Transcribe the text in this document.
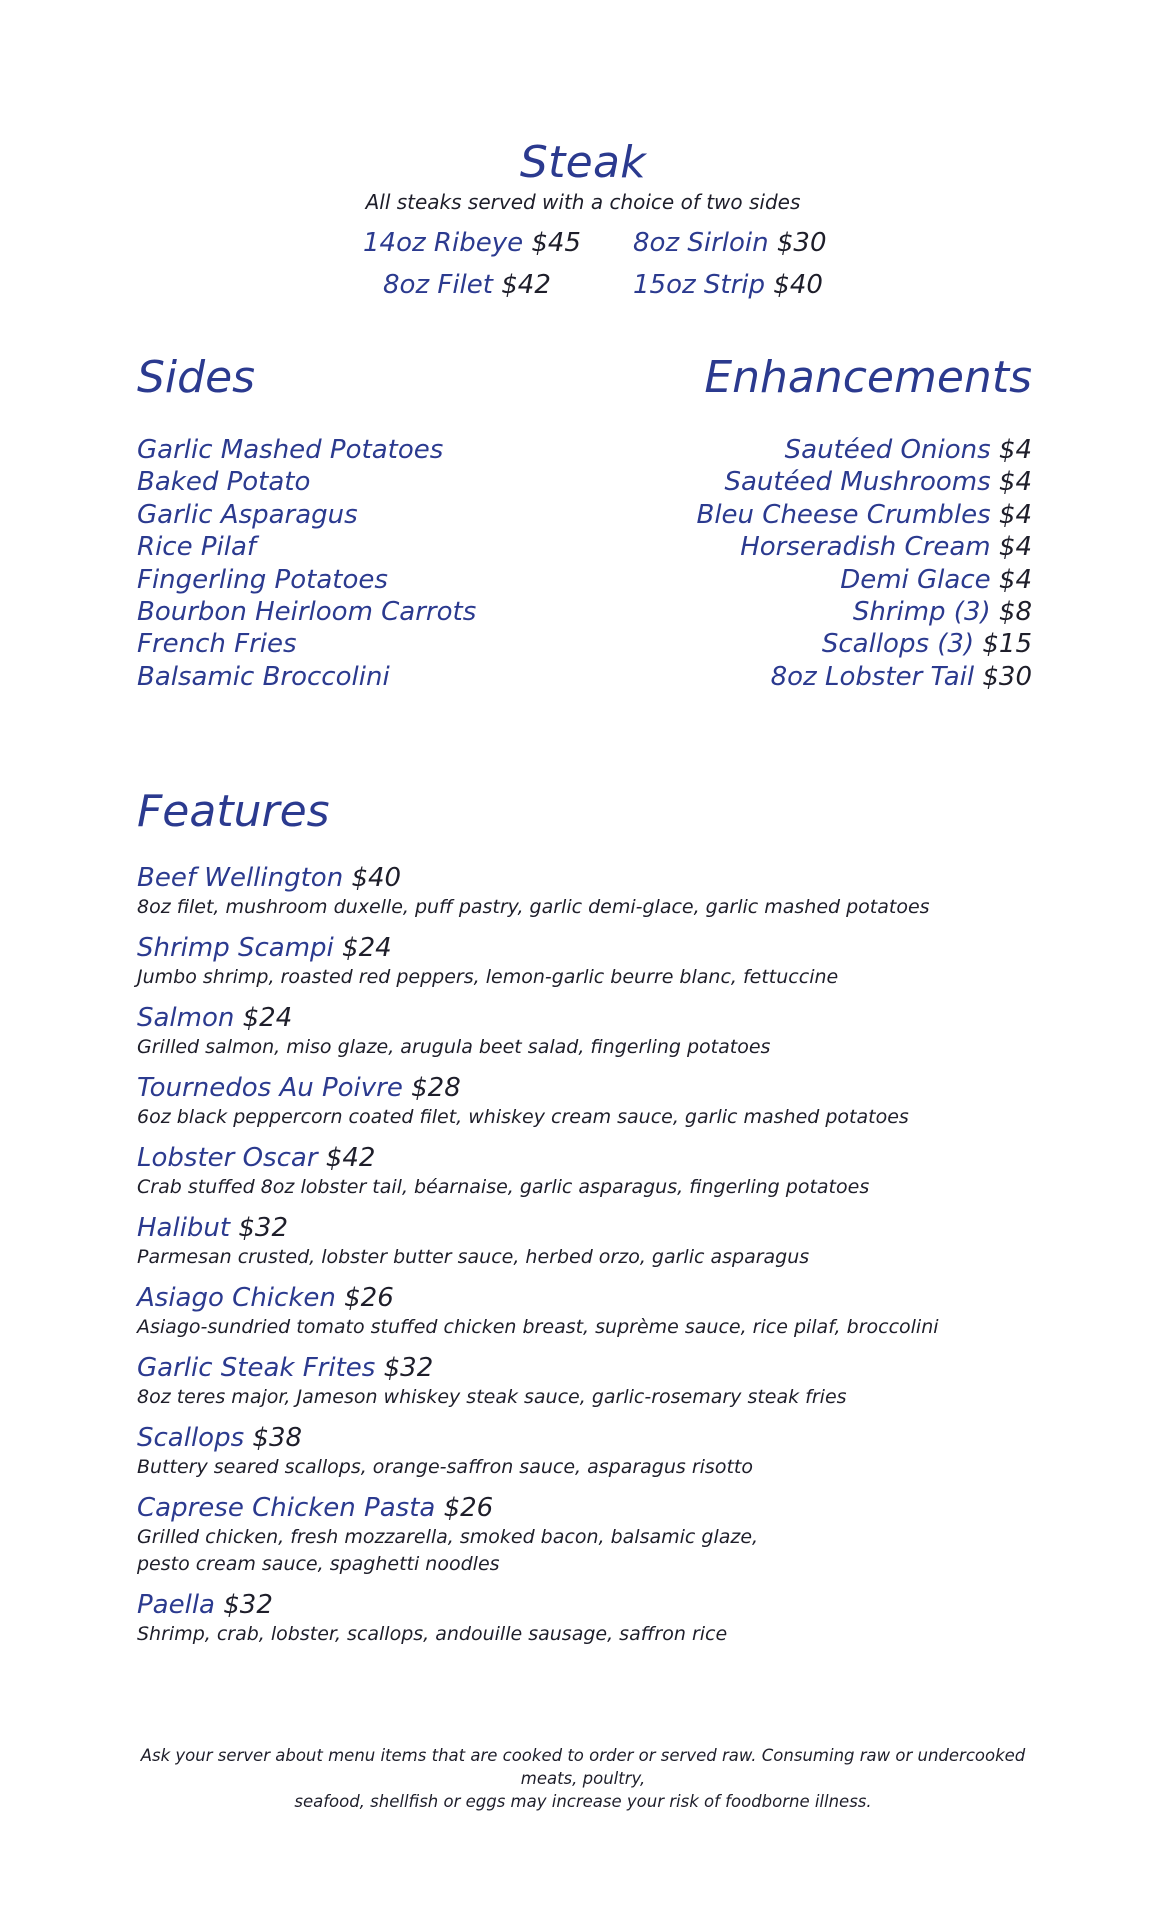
Steak
All steaks served with a choice of two sides
14oz Ribeye $45 8oz Sirloin $30
8oz Filet $42	15oz Strip $40
Sides
Garlic Mashed Potatoes
Baked Potato
Garlic Asparagus
Rice Pilaf
Fingerling Potatoes
Bourbon Heirloom Carrots
French Fries
Balsamic Broccolini
Enhancements
Sautéed Onions $4
Sautéed Mushrooms $4
Bleu Cheese Crumbles $4
Horseradish Cream $4
Demi Glace $4
Shrimp (3) $8
Scallops (3) $15
8oz Lobster Tail $30
Features
Beef Wellington $40
8oz filet, mushroom duxelle, puff pastry, garlic demi-glace, garlic mashed potatoes
Shrimp Scampi $24
Jumbo shrimp, roasted red peppers, lemon-garlic beurre blanc, fettuccine
Salmon $24
Grilled salmon, miso glaze, arugula beet salad, fingerling potatoes
Tournedos Au Poivre $28
6oz black peppercorn coated filet, whiskey cream sauce, garlic mashed potatoes
Lobster Oscar $42
Crab stuffed 8oz lobster tail, béarnaise, garlic asparagus, fingerling potatoes
Halibut $32
Parmesan crusted, lobster butter sauce, herbed orzo, garlic asparagus
Asiago Chicken $26
Asiago-sundried tomato stuffed chicken breast, suprème sauce, rice pilaf, broccolini
Garlic Steak Frites $32
8oz teres major, Jameson whiskey steak sauce, garlic-rosemary steak fries
Scallops $38
Buttery seared scallops, orange-saffron sauce, asparagus risotto
Caprese Chicken Pasta $26
Grilled chicken, fresh mozzarella, smoked bacon, balsamic glaze,
pesto cream sauce, spaghetti noodles
Paella $32
Shrimp, crab, lobster, scallops, andouille sausage, saffron rice
Ask your server about menu items that are cooked to order or served raw. Consuming raw or undercooked meats, poultry,
seafood, shellfish or eggs may increase your risk of foodborne illness.
